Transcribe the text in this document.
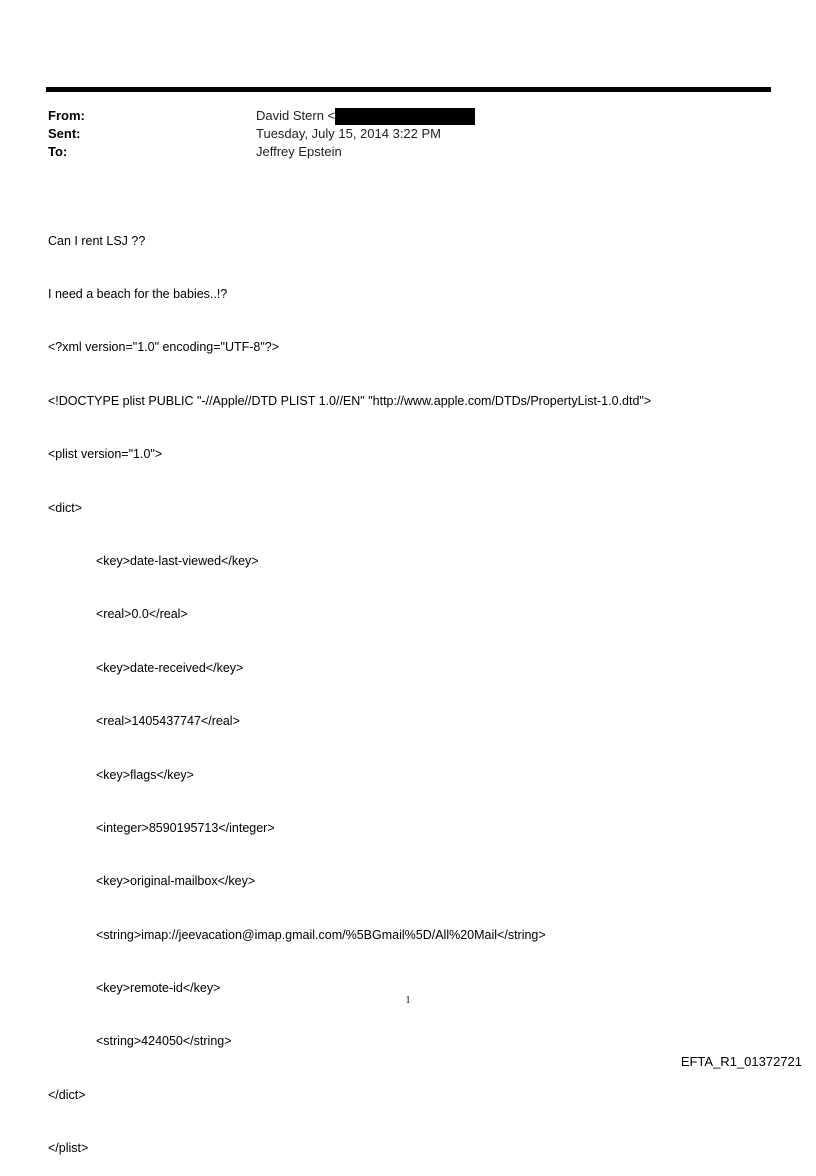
From:	David Stern <
Sent:	Tuesday, July 15, 2014 3:22 PM
To:	Jeffrey Epstein

Can I rent LSJ ??

I need a beach for the babies..!?

<?xml version="1.0" encoding="UTF-8"?>

<!DOCTYPE plist PUBLIC "-//Apple//DTD PLIST 1.0//EN" "http://www.apple.com/DTDs/PropertyList-1.0.dtd">

<plist version="1.0">

<dict>

<key>date-last-viewed</key>

<real>0.0</real>

<key>date-received</key>

<real>1405437747</real>

<key>flags</key>

<integer>8590195713</integer>

<key>original-mailbox</key>

<string>imap://jeevacation@imap.gmail.com/%5BGmail%5D/All%20Mail</string>

<key>remote-id</key>

<string>424050</string>

</dict>

</plist>

1
EFTA_R1_01372721
